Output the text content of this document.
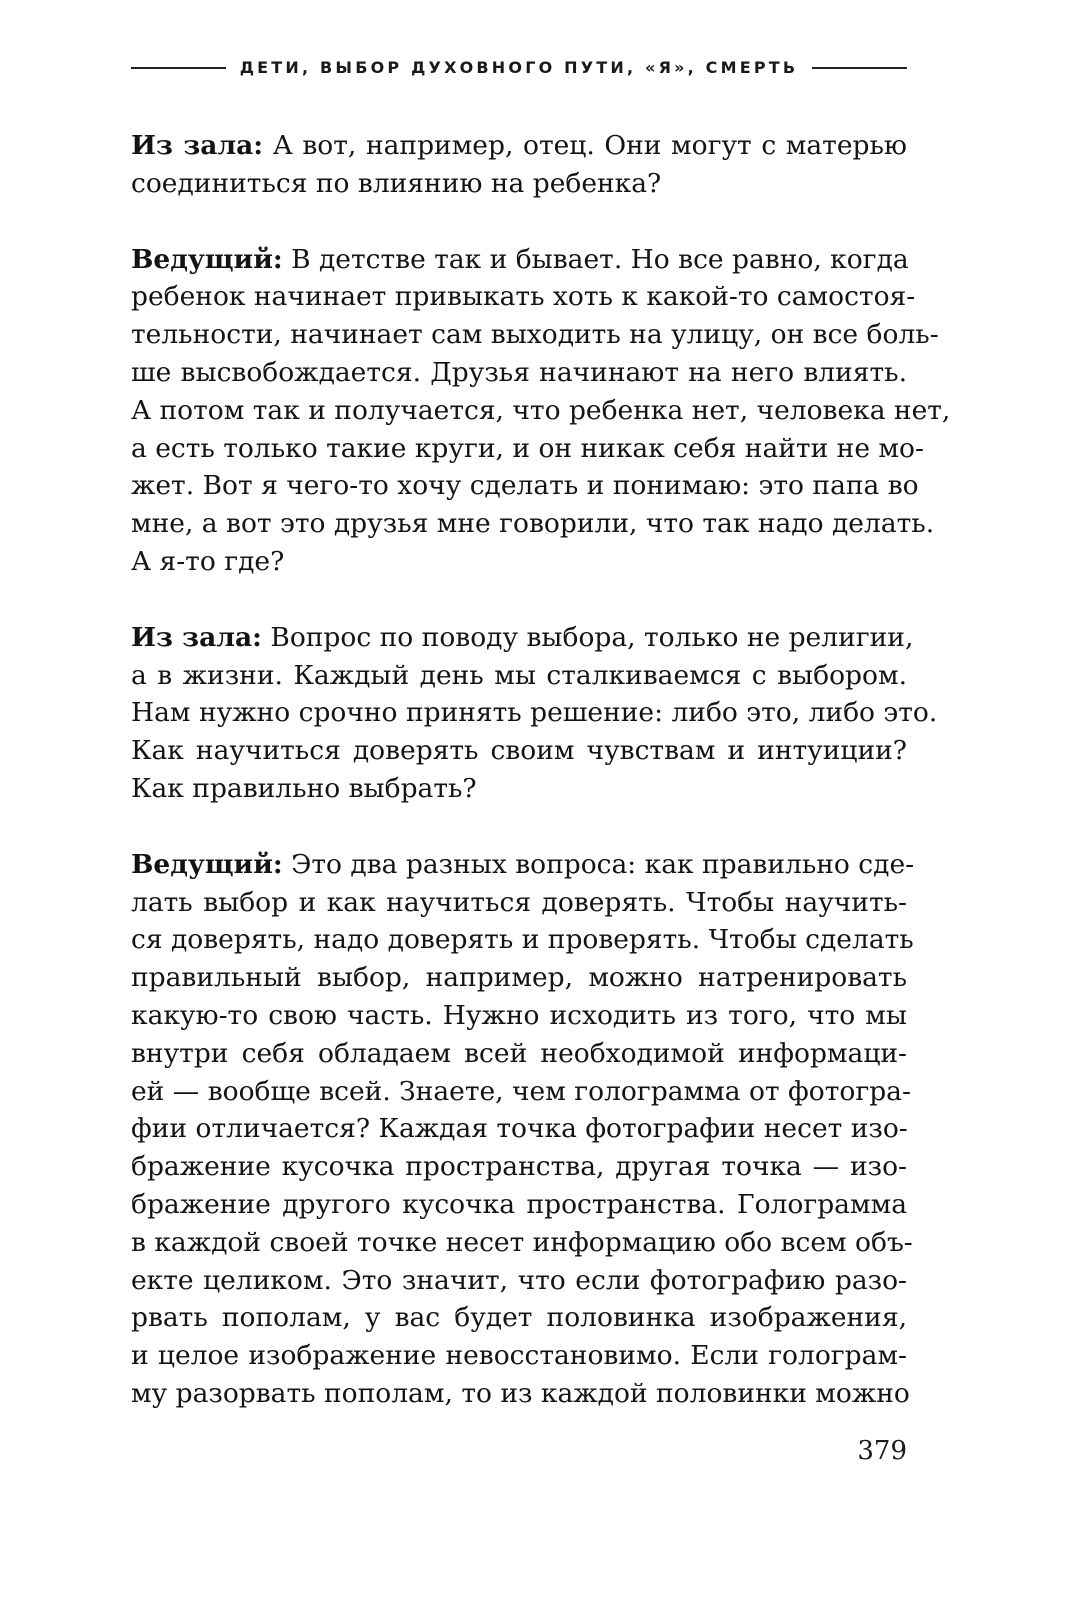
ДЕТИ, ВЫБОР ДУХОВНОГО ПУТИ, «Я», СМЕРТЬ
Из зала: А вот, например, отец. Они могут с матерью
соединиться по влиянию на ребенка?
Ведущий: В детстве так и бывает. Но все равно, когда
ребенок начинает привыкать хоть к какой-то самостоя-
тельности, начинает сам выходить на улицу, он все боль-
ше высвобождается. Друзья начинают на него влиять.
А потом так и получается, что ребенка нет, человека нет,
а есть только такие круги, и он никак себя найти не мо-
жет. Вот я чего-то хочу сделать и понимаю: это папа во
мне, а вот это друзья мне говорили, что так надо делать.
А я-то где?
Из зала: Вопрос по поводу выбора, только не религии,
а в жизни. Каждый день мы сталкиваемся с выбором.
Нам нужно срочно принять решение: либо это, либо это.
Как научиться доверять своим чувствам и интуиции?
Как правильно выбрать?
Ведущий: Это два разных вопроса: как правильно сде-
лать выбор и как научиться доверять. Чтобы научить-
ся доверять, надо доверять и проверять. Чтобы сделать
правильный выбор, например, можно натренировать
какую-то свою часть. Нужно исходить из того, что мы
внутри себя обладаем всей необходимой информаци-
ей — вообще всей. Знаете, чем голограмма от фотогра-
фии отличается? Каждая точка фотографии несет изо-
бражение кусочка пространства, другая точка — изо-
бражение другого кусочка пространства. Голограмма
в каждой своей точке несет информацию обо всем объ-
екте целиком. Это значит, что если фотографию разо-
рвать пополам, у вас будет половинка изображения,
и целое изображение невосстановимо. Если голограм-
му разорвать пополам, то из каждой половинки можно
379
